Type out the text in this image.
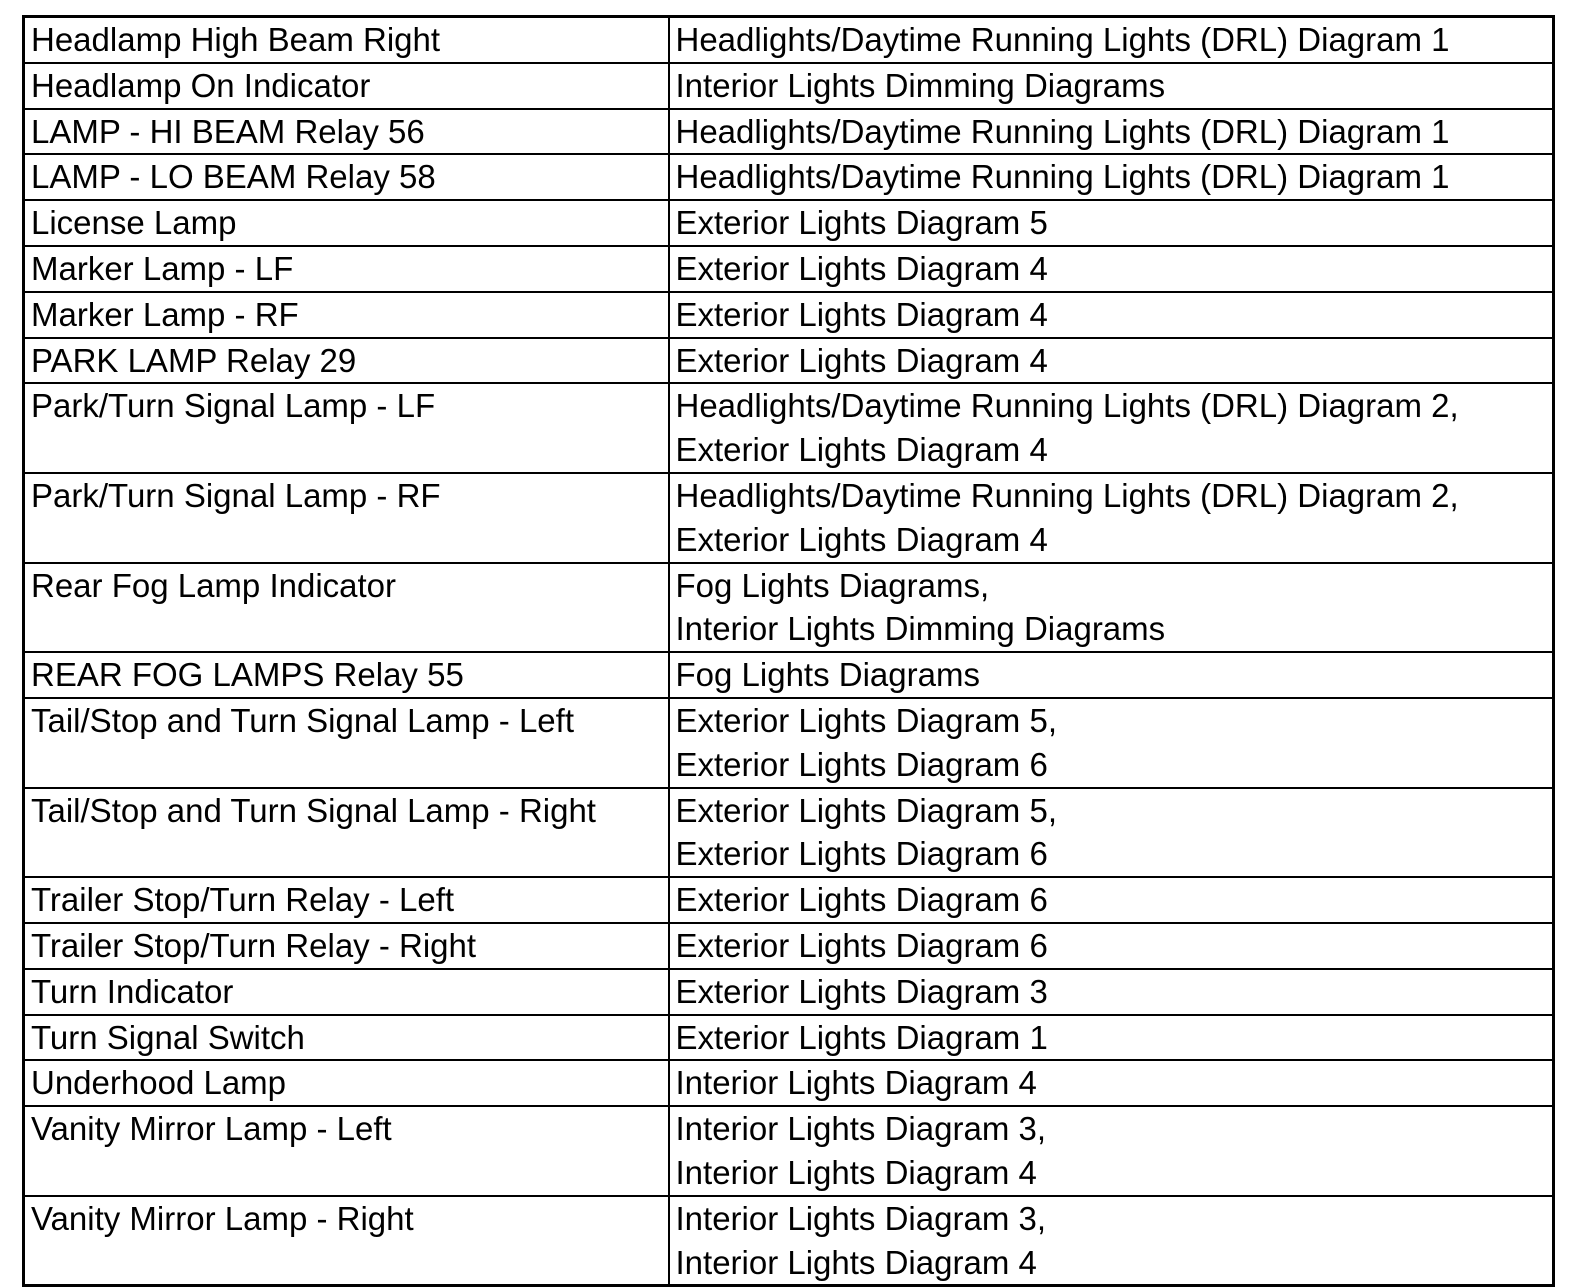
Headlamp High Beam Right	Headlights/Daytime Running Lights (DRL) Diagram 1

Headlamp On Indicator	Interior Lights Dimming Diagrams

LAMP - HI BEAM Relay 56	Headlights/Daytime Running Lights (DRL) Diagram 1

LAMP - LO BEAM Relay 58	Headlights/Daytime Running Lights (DRL) Diagram 1

License Lamp	Exterior Lights Diagram 5

Marker Lamp - LF	Exterior Lights Diagram 4

Marker Lamp - RF	Exterior Lights Diagram 4

PARK LAMP Relay 29	Exterior Lights Diagram 4

Park/Turn Signal Lamp - LF	Headlights/Daytime Running Lights (DRL) Diagram 2,
Exterior Lights Diagram 4

Park/Turn Signal Lamp - RF	Headlights/Daytime Running Lights (DRL) Diagram 2,
Exterior Lights Diagram 4

Rear Fog Lamp Indicator	Fog Lights Diagrams,
Interior Lights Dimming Diagrams

REAR FOG LAMPS Relay 55	Fog Lights Diagrams

Tail/Stop and Turn Signal Lamp - Left	Exterior Lights Diagram 5,
Exterior Lights Diagram 6

Tail/Stop and Turn Signal Lamp - Right	Exterior Lights Diagram 5,
Exterior Lights Diagram 6

Trailer Stop/Turn Relay - Left	Exterior Lights Diagram 6

Trailer Stop/Turn Relay - Right	Exterior Lights Diagram 6

Turn Indicator	Exterior Lights Diagram 3

Turn Signal Switch	Exterior Lights Diagram 1

Underhood Lamp	Interior Lights Diagram 4

Vanity Mirror Lamp - Left	Interior Lights Diagram 3,
Interior Lights Diagram 4

Vanity Mirror Lamp - Right	Interior Lights Diagram 3,
Interior Lights Diagram 4
